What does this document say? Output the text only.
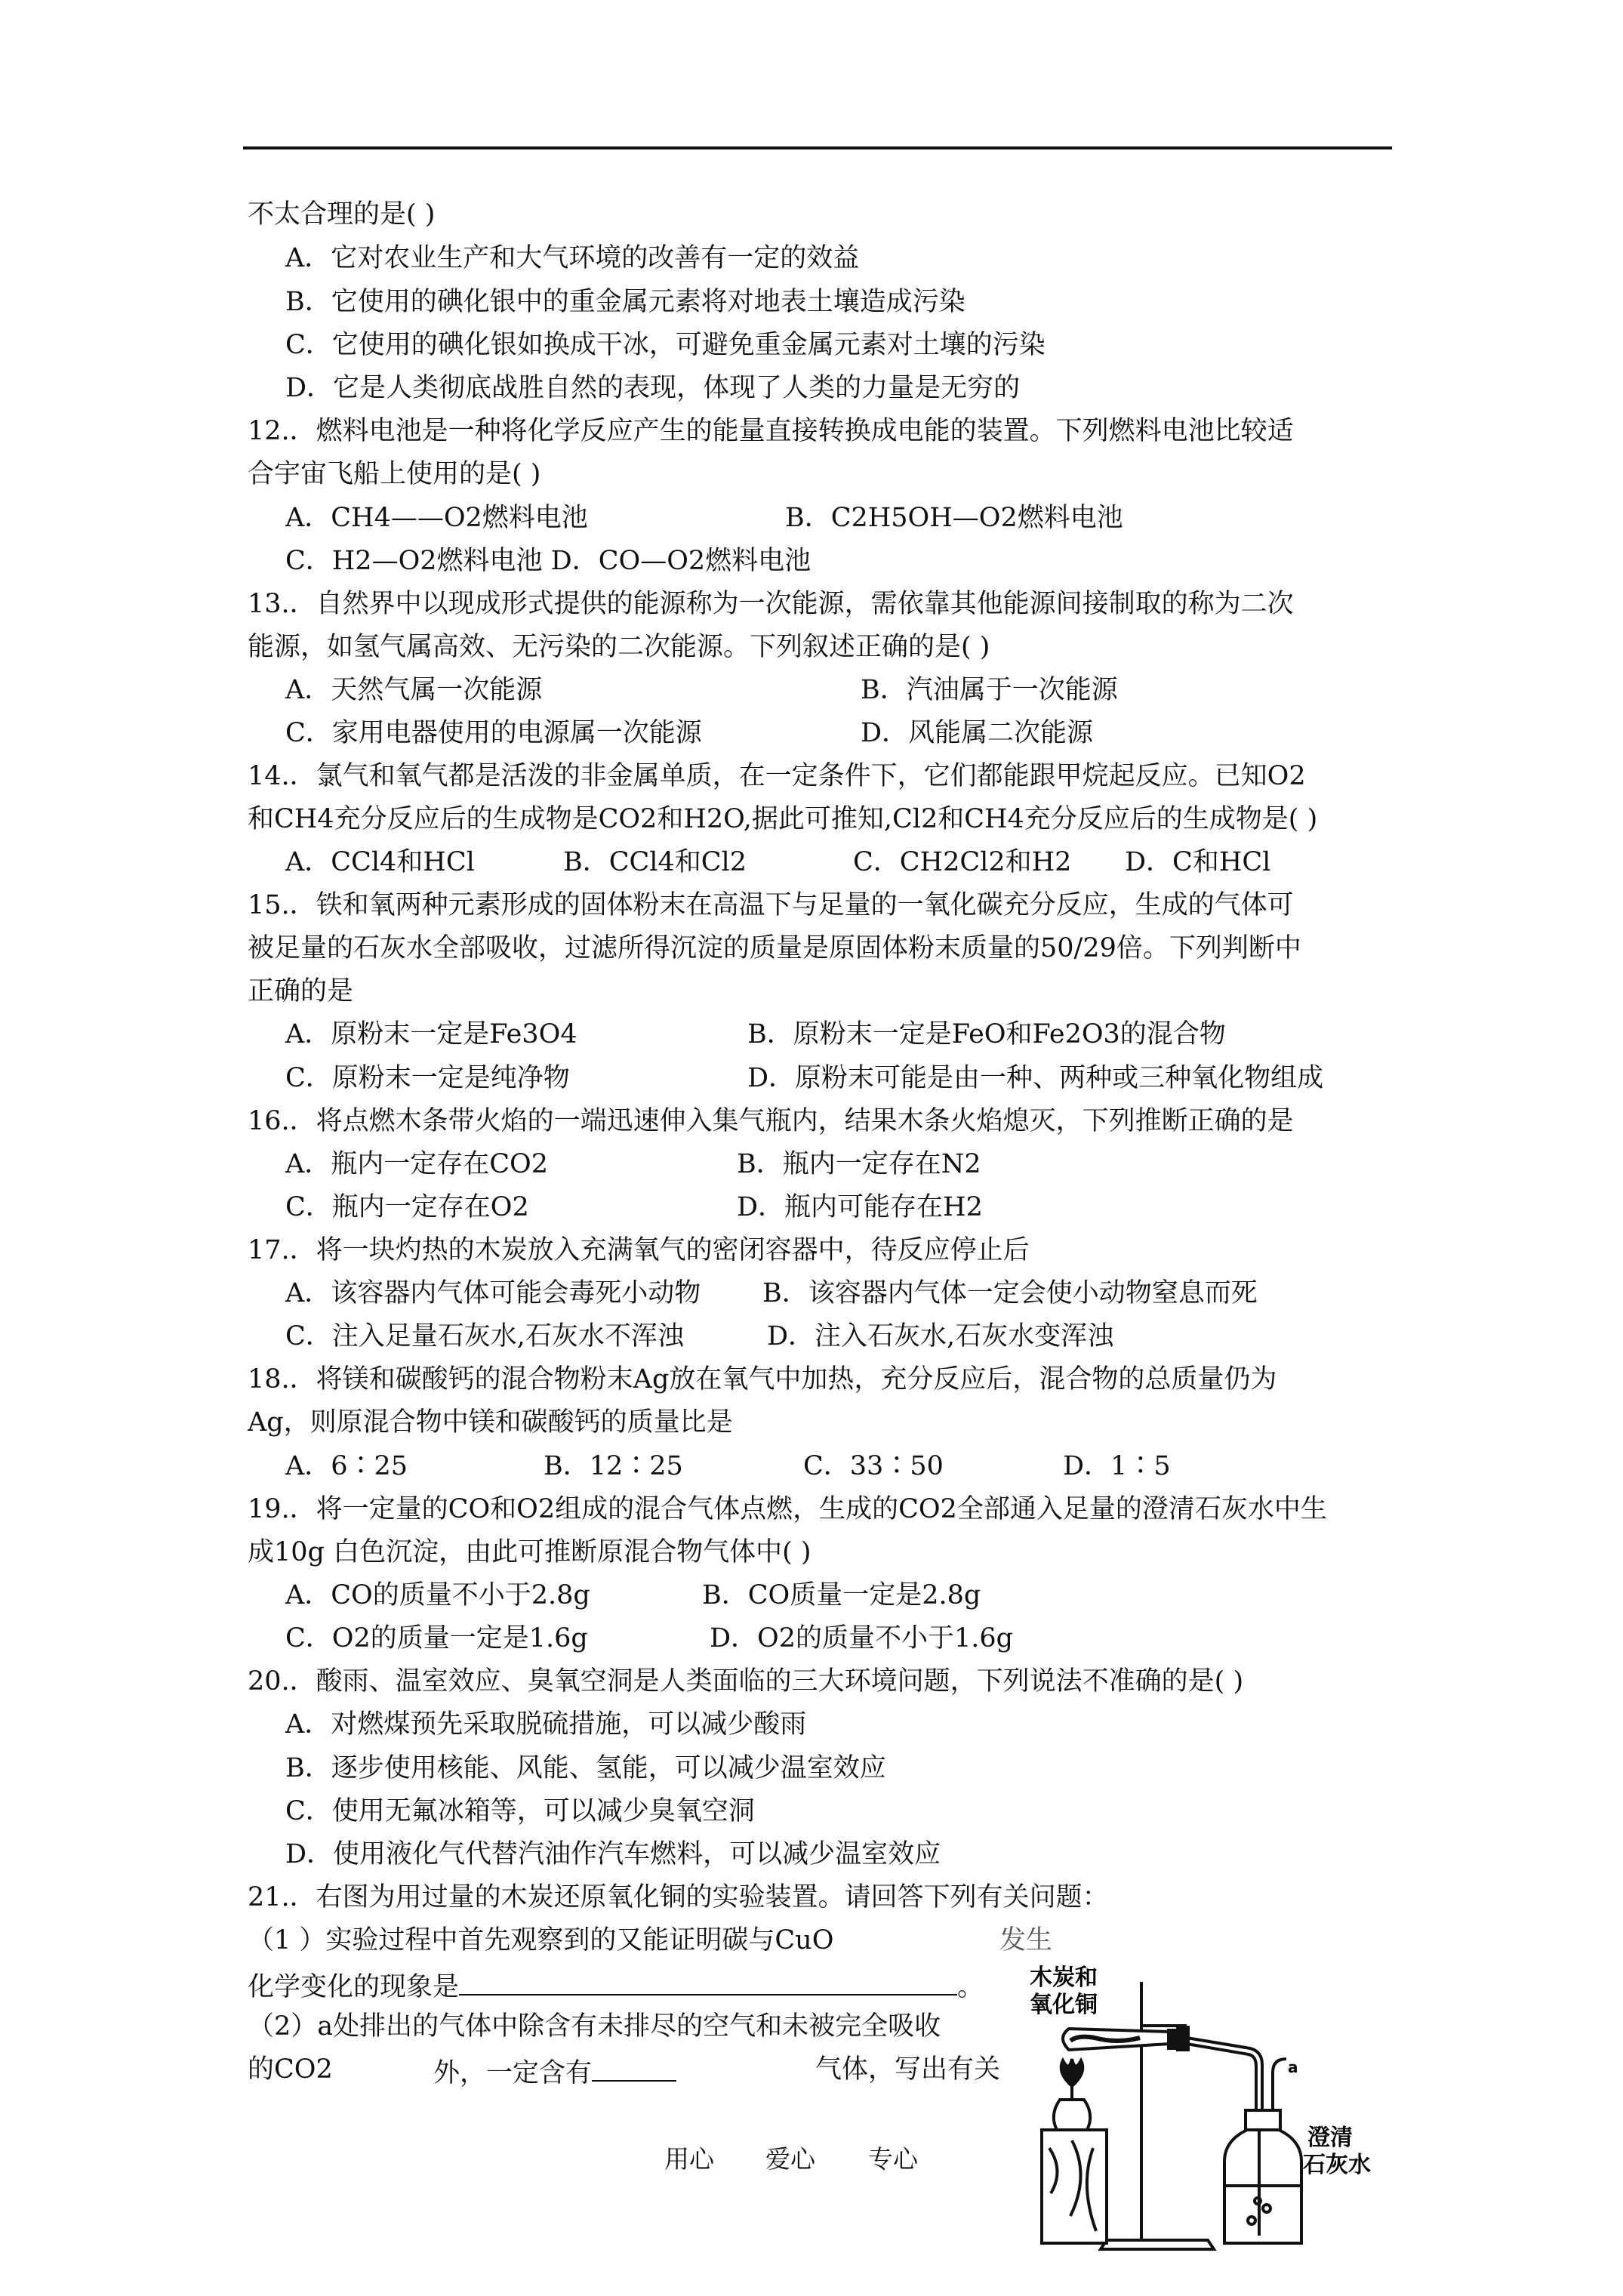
不太合理的是( )
A．它对农业生产和大气环境的改善有一定的效益
B．它使用的碘化银中的重金属元素将对地表土壤造成污染
C．它使用的碘化银如换成干冰，可避免重金属元素对土壤的污染
D．它是人类彻底战胜自然的表现，体现了人类的力量是无穷的
12.．燃料电池是一种将化学反应产生的能量直接转换成电能的装置。下列燃料电池比较适
合宇宙飞船上使用的是( )
A．CH4——O2燃料电池	B．C2H5OH—O2燃料电池
C．H2—O2燃料电池 D．CO—O2燃料电池
13.．自然界中以现成形式提供的能源称为一次能源，需依靠其他能源间接制取的称为二次
能源，如氢气属高效、无污染的二次能源。下列叙述正确的是( )
A．天然气属一次能源	B．汽油属于一次能源
C．家用电器使用的电源属一次能源	D．风能属二次能源
14.．氯气和氧气都是活泼的非金属单质，在一定条件下，它们都能跟甲烷起反应。已知O2
和CH4充分反应后的生成物是CO2和H2O,据此可推知,Cl2和CH4充分反应后的生成物是( )
A．CCl4和HCl	B．CCl4和Cl2	C．CH2Cl2和H2 D．C和HCl
15.．铁和氧两种元素形成的固体粉末在高温下与足量的一氧化碳充分反应，生成的气体可
被足量的石灰水全部吸收，过滤所得沉淀的质量是原固体粉末质量的50/29倍。下列判断中
正确的是
A．原粉末一定是Fe3O4	B．原粉末一定是FeO和Fe2O3的混合物
C．原粉末一定是纯净物	D．原粉末可能是由一种、两种或三种氧化物组成
16.．将点燃木条带火焰的一端迅速伸入集气瓶内，结果木条火焰熄灭，下列推断正确的是
A．瓶内一定存在CO2	B．瓶内一定存在N2
C．瓶内一定存在O2	D．瓶内可能存在H2
17.．将一块灼热的木炭放入充满氧气的密闭容器中，待反应停止后
A．该容器内气体可能会毒死小动物 B．该容器内气体一定会使小动物窒息而死
C．注入足量石灰水,石灰水不浑浊	D．注入石灰水,石灰水变浑浊
18.．将镁和碳酸钙的混合物粉末Ag放在氧气中加热，充分反应后，混合物的总质量仍为
Ag，则原混合物中镁和碳酸钙的质量比是
A．6∶25	B．12∶25	C．33∶50	D．1∶5
19.．将一定量的CO和O2组成的混合气体点燃，生成的CO2全部通入足量的澄清石灰水中生
成10g 白色沉淀，由此可推断原混合物气体中( )
A．CO的质量不小于2.8g	B．CO质量一定是2.8g
C．O2的质量一定是1.6g	D．O2的质量不小于1.6g
20.．酸雨、温室效应、臭氧空洞是人类面临的三大环境问题，下列说法不准确的是( )
A．对燃煤预先采取脱硫措施，可以减少酸雨
B．逐步使用核能、风能、氢能，可以减少温室效应
C．使用无氟冰箱等，可以减少臭氧空洞
D．使用液化气代替汽油作汽车燃料，可以减少温室效应
21.．右图为用过量的木炭还原氧化铜的实验装置。请回答下列有关问题：
（1 ）实验过程中首先观察到的又能证明碳与CuO	发生
化学变化的现象是	。
（2）a处排出的气体中除含有未排尽的空气和未被完全吸收
的CO2	外，一定含有	气体，写出有关
木炭和
氧化铜
a
澄清
石灰水
用心 爱心 专心
